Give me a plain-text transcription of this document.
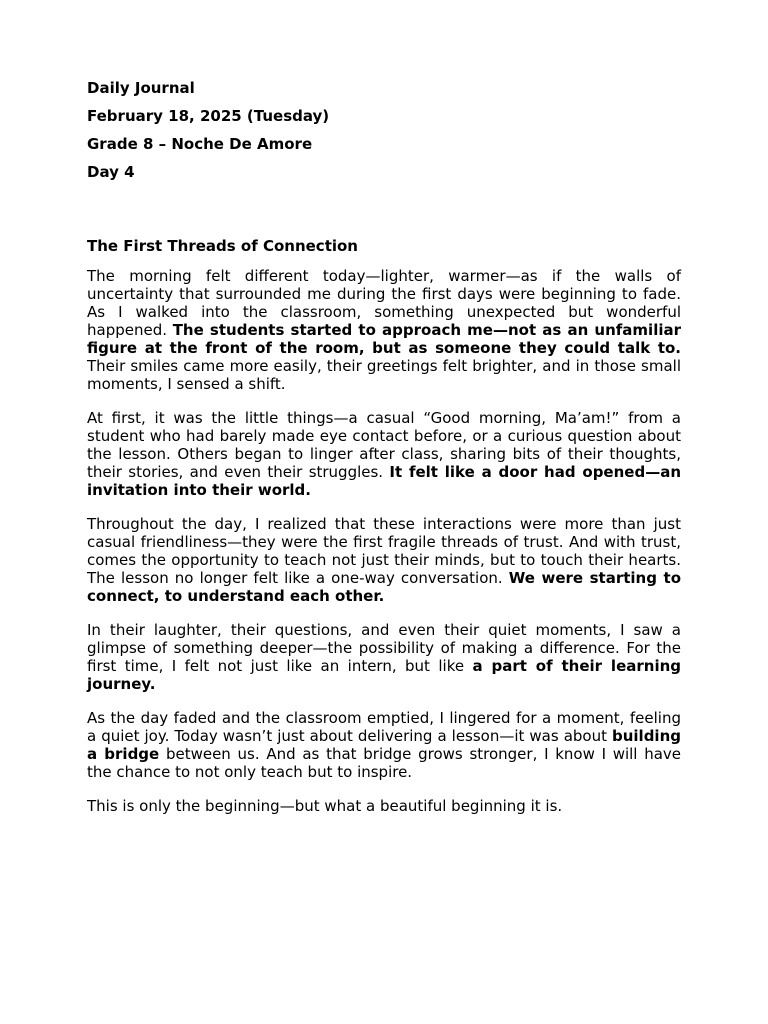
Daily Journal

February 18, 2025 (Tuesday)

Grade 8 – Noche De Amore

Day 4

The First Threads of Connection

The morning felt different today—lighter, warmer—as if the walls of uncertainty that surrounded me during the first days were beginning to fade. As I walked into the classroom, something unexpected but wonderful happened. The students started to approach me—not as an unfamiliar figure at the front of the room, but as someone they could talk to. Their smiles came more easily, their greetings felt brighter, and in those small moments, I sensed a shift.

At first, it was the little things—a casual “Good morning, Ma’am!” from a student who had barely made eye contact before, or a curious question about the lesson. Others began to linger after class, sharing bits of their thoughts, their stories, and even their struggles. It felt like a door had opened—an invitation into their world.

Throughout the day, I realized that these interactions were more than just casual friendliness—they were the first fragile threads of trust. And with trust, comes the opportunity to teach not just their minds, but to touch their hearts. The lesson no longer felt like a one-way conversation. We were starting to connect, to understand each other.

In their laughter, their questions, and even their quiet moments, I saw a glimpse of something deeper—the possibility of making a difference. For the first time, I felt not just like an intern, but like a part of their learning journey.

As the day faded and the classroom emptied, I lingered for a moment, feeling a quiet joy. Today wasn’t just about delivering a lesson—it was about building a bridge between us. And as that bridge grows stronger, I know I will have the chance to not only teach but to inspire.

This is only the beginning—but what a beautiful beginning it is.
